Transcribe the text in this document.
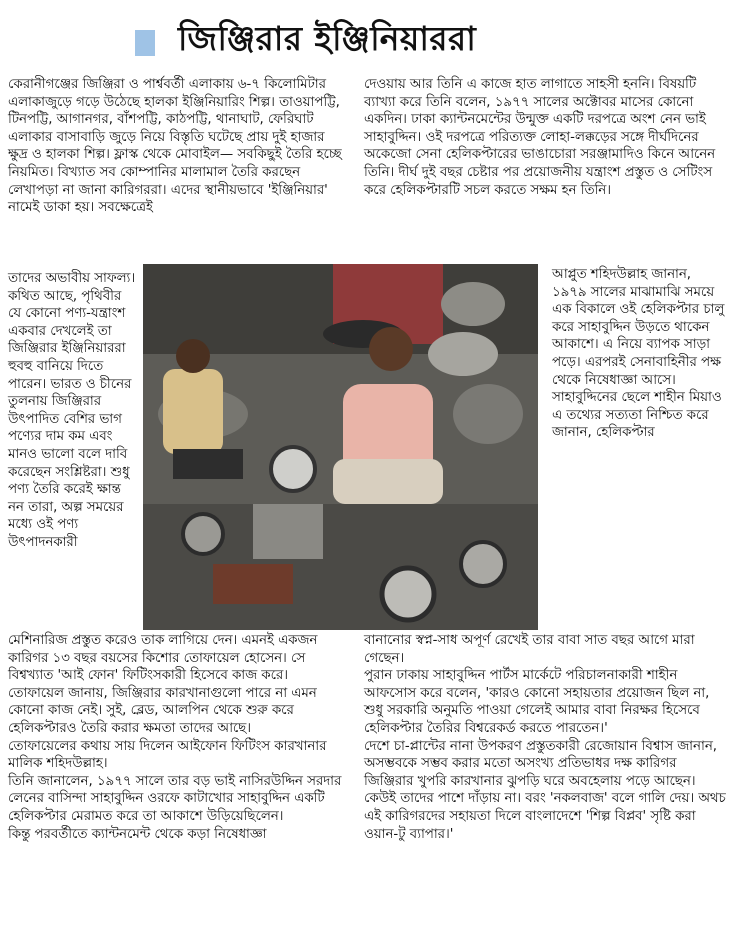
জিঞ্জিরার ইঞ্জিনিয়াররা

কেরানীগঞ্জের জিঞ্জিরা ও পার্শ্ববর্তী এলাকায় ৬-৭ কিলোমিটার এলাকাজুড়ে গড়ে উঠেছে হালকা ইঞ্জিনিয়ারিং শিল্প। তাওয়াপট্টি, টিনপট্টি, আগানগর, বাঁশপট্টি, কাঠপট্টি, থানাঘাট, ফেরিঘাট এলাকার বাসাবাড়ি জুড়ে নিয়ে বিস্তৃতি ঘটেছে প্রায় দুই হাজার ক্ষুদ্র ও হালকা শিল্প। ফ্লাস্ক থেকে মোবাইল— সবকিছুই তৈরি হচ্ছে নিয়মিত। বিখ্যাত সব কোম্পানির মালামাল তৈরি করছেন লেখাপড়া না জানা কারিগররা। এদের স্থানীয়ভাবে 'ইঞ্জিনিয়ার' নামেই ডাকা হয়। সবক্ষেত্রেই

তাদের অভাবীয় সাফল্য। কথিত আছে, পৃথিবীর যে কোনো পণ্য-যন্ত্রাংশ একবার দেখলেই তা জিঞ্জিরার ইঞ্জিনিয়াররা হুবহু বানিয়ে দিতে পারেন। ভারত ও চীনের তুলনায় জিঞ্জিরার উৎপাদিত বেশির ভাগ পণ্যের দাম কম এবং মানও ভালো বলে দাবি করেছেন সংশ্লিষ্টরা। শুধু পণ্য তৈরি করেই ক্ষান্ত নন তারা, অল্প সময়ের মধ্যে ওই পণ্য উৎপাদনকারী

মেশিনারিজ প্রস্তুত করেও তাক লাগিয়ে দেন। এমনই একজন কারিগর ১৩ বছর বয়সের কিশোর তোফায়েল হোসেন। সে বিশ্বখ্যাত 'আই ফোন' ফিটিংসকারী হিসেবে কাজ করে। তোফায়েল জানায়, জিঞ্জিরার কারখানাগুলো পারে না এমন কোনো কাজ নেই। সুই, ব্লেড, আলপিন থেকে শুরু করে হেলিকপ্টারও তৈরি করার ক্ষমতা তাদের আছে।

তোফায়েলের কথায় সায় দিলেন আইফোন ফিটিংস কারখানার মালিক শহিদউল্লাহ।

তিনি জানালেন, ১৯৭৭ সালে তার বড় ভাই নাসিরউদ্দিন সরদার লেনের বাসিন্দা সাহাবুদ্দিন ওরফে কাটাখোর সাহাবুদ্দিন একটি হেলিকপ্টার মেরামত করে তা আকাশে উড়িয়েছিলেন।

কিন্তু পরবর্তীতে ক্যান্টনমেন্ট থেকে কড়া নিষেধাজ্ঞা

দেওয়ায় আর তিনি এ কাজে হাত লাগাতে সাহসী হননি। বিষয়টি ব্যাখ্যা করে তিনি বলেন, ১৯৭৭ সালের অক্টোবর মাসের কোনো একদিন। ঢাকা ক্যান্টনমেন্টের উন্মুক্ত একটি দরপত্রে অংশ নেন ভাই সাহাবুদ্দিন। ওই দরপত্রে পরিত্যক্ত লোহা-লক্কড়ের সঙ্গে দীর্ঘদিনের অকেজো সেনা হেলিকপ্টারের ভাঙাচোরা সরঞ্জামাদিও কিনে আনেন তিনি। দীর্ঘ দুই বছর চেষ্টার পর প্রয়োজনীয় যন্ত্রাংশ প্রস্তুত ও সেটিংস করে হেলিকপ্টারটি সচল করতে সক্ষম হন তিনি।

আপ্লুত শহিদউল্লাহ জানান, ১৯৭৯ সালের মাঝামাঝি সময়ে এক বিকালে ওই হেলিকপ্টার চালু করে সাহাবুদ্দিন উড়তে থাকেন আকাশে। এ নিয়ে ব্যাপক সাড়া পড়ে। এরপরই সেনাবাহিনীর পক্ষ থেকে নিষেধাজ্ঞা আসে। সাহাবুদ্দিনের ছেলে শাহীন মিয়াও এ তথ্যের সত্যতা নিশ্চিত করে জানান, হেলিকপ্টার

বানানোর স্বপ্ন-সাধ অপূর্ণ রেখেই তার বাবা সাত বছর আগে মারা গেছেন।

পুরান ঢাকায় সাহাবুদ্দিন পার্টস মার্কেটে পরিচালনাকারী শাহীন আফসোস করে বলেন, 'কারও কোনো সহায়তার প্রয়োজন ছিল না, শুধু সরকারি অনুমতি পাওয়া গেলেই আমার বাবা নিরক্ষর হিসেবে হেলিকপ্টার তৈরির বিশ্বরেকর্ড করতে পারতেন।'

দেশে চা-প্লান্টের নানা উপকরণ প্রস্তুতকারী রেজোয়ান বিশ্বাস জানান, অসম্ভবকে সম্ভব করার মতো অসংখ্য প্রতিভাধর দক্ষ কারিগর জিঞ্জিরার খুপরি কারখানার ঝুপড়ি ঘরে অবহেলায় পড়ে আছেন। কেউই তাদের পাশে দাঁড়ায় না। বরং 'নকলবাজ' বলে গালি দেয়। অথচ এই কারিগরদের সহায়তা দিলে বাংলাদেশে 'শিল্প বিপ্লব' সৃষ্টি করা ওয়ান-টু ব্যাপার।'
